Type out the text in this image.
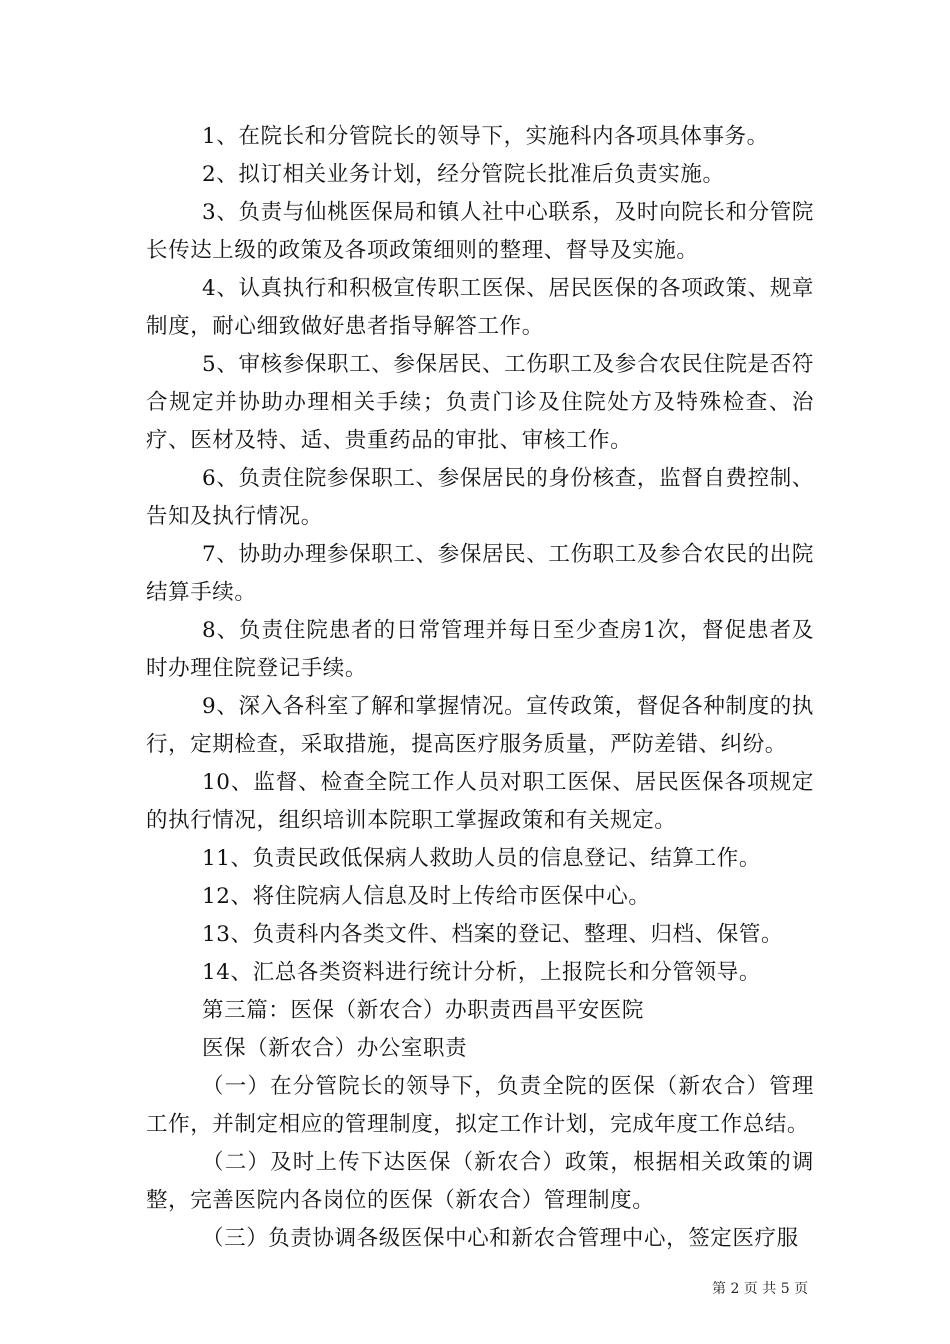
1、在院长和分管院长的领导下，实施科内各项具体事务。

2、拟订相关业务计划，经分管院长批准后负责实施。

3、负责与仙桃医保局和镇人社中心联系，及时向院长和分管院长传达上级的政策及各项政策细则的整理、督导及实施。

4、认真执行和积极宣传职工医保、居民医保的各项政策、规章制度，耐心细致做好患者指导解答工作。

5、审核参保职工、参保居民、工伤职工及参合农民住院是否符合规定并协助办理相关手续；负责门诊及住院处方及特殊检查、治疗、医材及特、适、贵重药品的审批、审核工作。

6、负责住院参保职工、参保居民的身份核查，监督自费控制、告知及执行情况。

7、协助办理参保职工、参保居民、工伤职工及参合农民的出院结算手续。

8、负责住院患者的日常管理并每日至少查房1次，督促患者及时办理住院登记手续。

9、深入各科室了解和掌握情况。宣传政策，督促各种制度的执行，定期检查，采取措施，提高医疗服务质量，严防差错、纠纷。

10、监督、检查全院工作人员对职工医保、居民医保各项规定的执行情况，组织培训本院职工掌握政策和有关规定。

11、负责民政低保病人救助人员的信息登记、结算工作。

12、将住院病人信息及时上传给市医保中心。

13、负责科内各类文件、档案的登记、整理、归档、保管。

14、汇总各类资料进行统计分析，上报院长和分管领导。

第三篇：医保（新农合）办职责西昌平安医院

医保（新农合）办公室职责

（一）在分管院长的领导下，负责全院的医保（新农合）管理工作，并制定相应的管理制度，拟定工作计划，完成年度工作总结。

（二）及时上传下达医保（新农合）政策，根据相关政策的调整，完善医院内各岗位的医保（新农合）管理制度。

（三）负责协调各级医保中心和新农合管理中心，签定医疗服

第 2 页 共 5 页
